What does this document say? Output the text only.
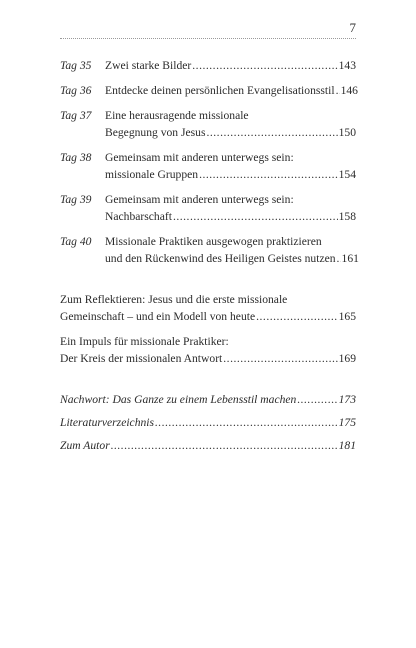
7
Tag 35	Zwei starke Bilder .....	143
Tag 36	Entdecke deinen persönlichen Evangelisationsstil ..... 146
Tag 37	Eine herausragende missionale
Begegnung von Jesus .....	150
Tag 38	Gemeinsam mit anderen unterwegs sein:
missionale Gruppen .....	154
Tag 39	Gemeinsam mit anderen unterwegs sein:
Nachbarschaft .....	158
Tag 40	Missionale Praktiken ausgewogen praktizieren
und den Rückenwind des Heiligen Geistes nutzen ..... 161
Zum Reflektieren: Jesus und die erste missionale
Gemeinschaft – und ein Modell von heute .....	165
Ein Impuls für missionale Praktiker:
Der Kreis der missionalen Antwort .....	169
Nachwort: Das Ganze zu einem Lebensstil machen .....	173
Literaturverzeichnis .....	175
Zum Autor .....	181
